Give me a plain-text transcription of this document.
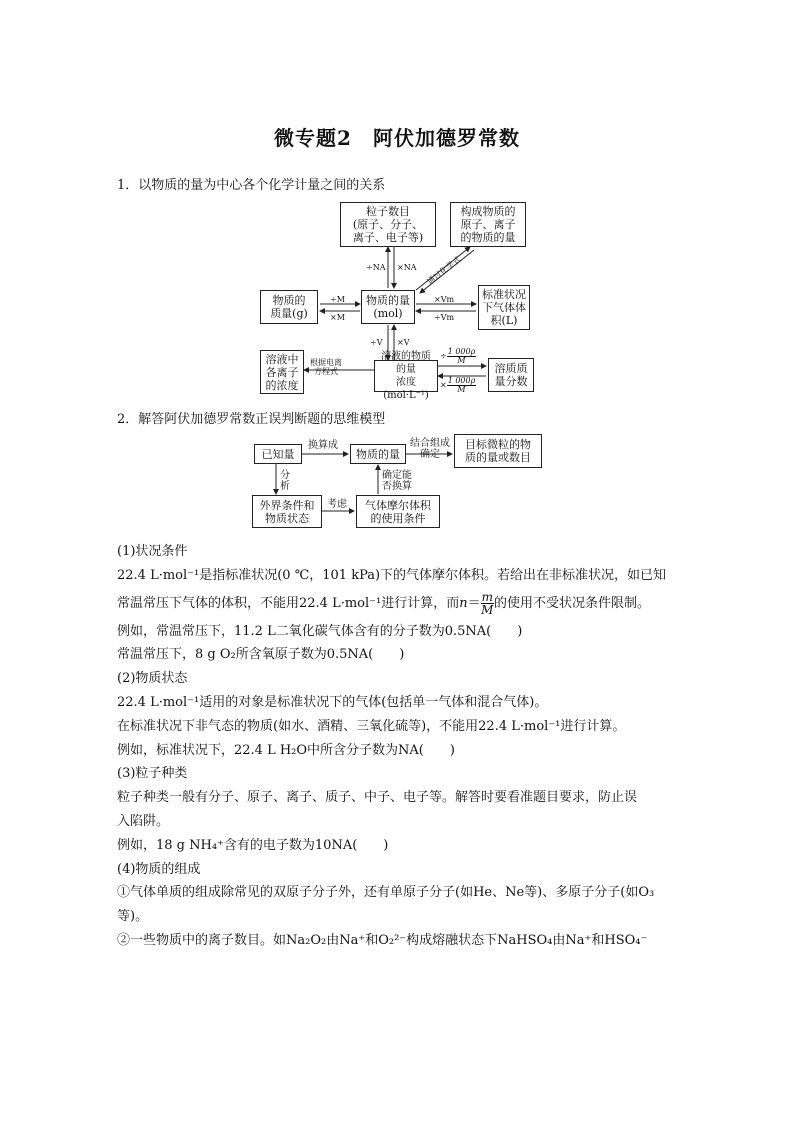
微专题2　阿伏加德罗常数
1．以物质的量为中心各个化学计量之间的关系
粒子数目
(原子、分子、
离子、电子等)
构成物质的
原子、离子
的物质的量
物质的
质量(g)
物质的量
(mol)
标准状况
下气体体
积(L)
溶液中
各离子
的浓度
溶液的物质的量
浓度(mol·L⁻¹)
溶质质
量分数
÷NA ×NA 通过化学式
÷M
×M
×Vm
÷Vm
÷V ×V
根据电离
方程式
÷ $\frac{1 000\rho}{M}$
× $\frac{1 000\rho}{M}$
2．解答阿伏加德罗常数正误判断题的思维模型
已知量	物质的量
目标微粒的物
质的量或数目
外界条件和
物质状态
气体摩尔体积
的使用条件
换算成	结合组成
确定
分
析
考虑
确定能
否换算

(1)状况条件

22.4 L·mol⁻¹是指标准状况(0 ℃，101 kPa)下的气体摩尔体积。若给出在非标准状况，如已知

常温常压下气体的体积，不能用22.4 L·mol⁻¹进行计算，而$n= \frac{m}{M}$ 的使用不受状况条件限制。

例如，常温常压下，11.2 L二氧化碳气体含有的分子数为0.5NA(　　)

常温常压下，8 g O₂所含氧原子数为0.5NA(　　)

(2)物质状态

22.4 L·mol⁻¹适用的对象是标准状况下的气体(包括单一气体和混合气体)。

在标准状况下非气态的物质(如水、酒精、三氧化硫等)，不能用22.4 L·mol⁻¹进行计算。

例如，标准状况下，22.4 L H₂O中所含分子数为NA(　　)

(3)粒子种类

粒子种类一般有分子、原子、离子、质子、中子、电子等。解答时要看准题目要求，防止误

入陷阱。

例如，18 g NH₄⁺含有的电子数为10NA(　　)

(4)物质的组成

①气体单质的组成除常见的双原子分子外，还有单原子分子(如He、Ne等)、多原子分子(如O₃

等)。

②一些物质中的离子数目。如Na₂O₂由Na⁺和O₂²⁻构成熔融状态下NaHSO₄由Na⁺和HSO₄⁻
